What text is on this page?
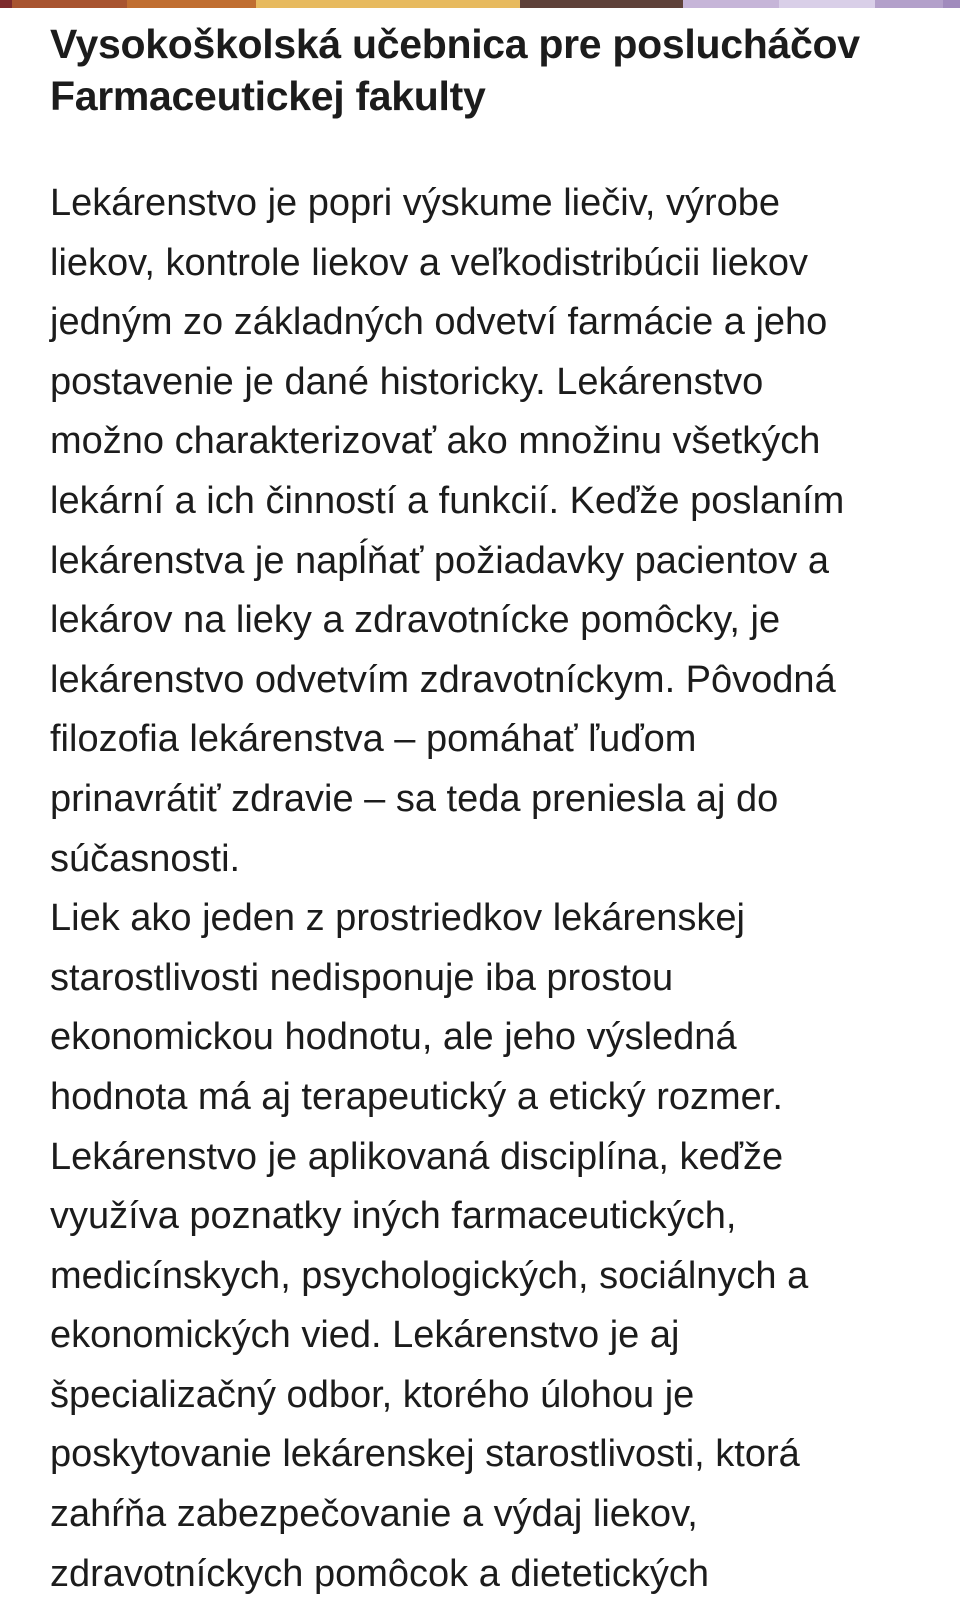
Vysokoškolská učebnica pre poslucháčov
Farmaceutickej fakulty
Lekárenstvo je popri výskume liečiv, výrobe
liekov, kontrole liekov a veľkodistribúcii liekov
jedným zo základných odvetví farmácie a jeho
postavenie je dané historicky. Lekárenstvo
možno charakterizovať ako množinu všetkých
lekární a ich činností a funkcií. Keďže poslaním
lekárenstva je napĺňať požiadavky pacientov a
lekárov na lieky a zdravotnícke pomôcky, je
lekárenstvo odvetvím zdravotníckym. Pôvodná
filozofia lekárenstva – pomáhať ľuďom
prinavrátiť zdravie – sa teda preniesla aj do
súčasnosti.
Liek ako jeden z prostriedkov lekárenskej
starostlivosti nedisponuje iba prostou
ekonomickou hodnotu, ale jeho výsledná
hodnota má aj terapeutický a etický rozmer.
Lekárenstvo je aplikovaná disciplína, keďže
využíva poznatky iných farmaceutických,
medicínskych, psychologických, sociálnych a
ekonomických vied. Lekárenstvo je aj
špecializačný odbor, ktorého úlohou je
poskytovanie lekárenskej starostlivosti, ktorá
zahŕňa zabezpečovanie a výdaj liekov,
zdravotníckych pomôcok a dietetických
